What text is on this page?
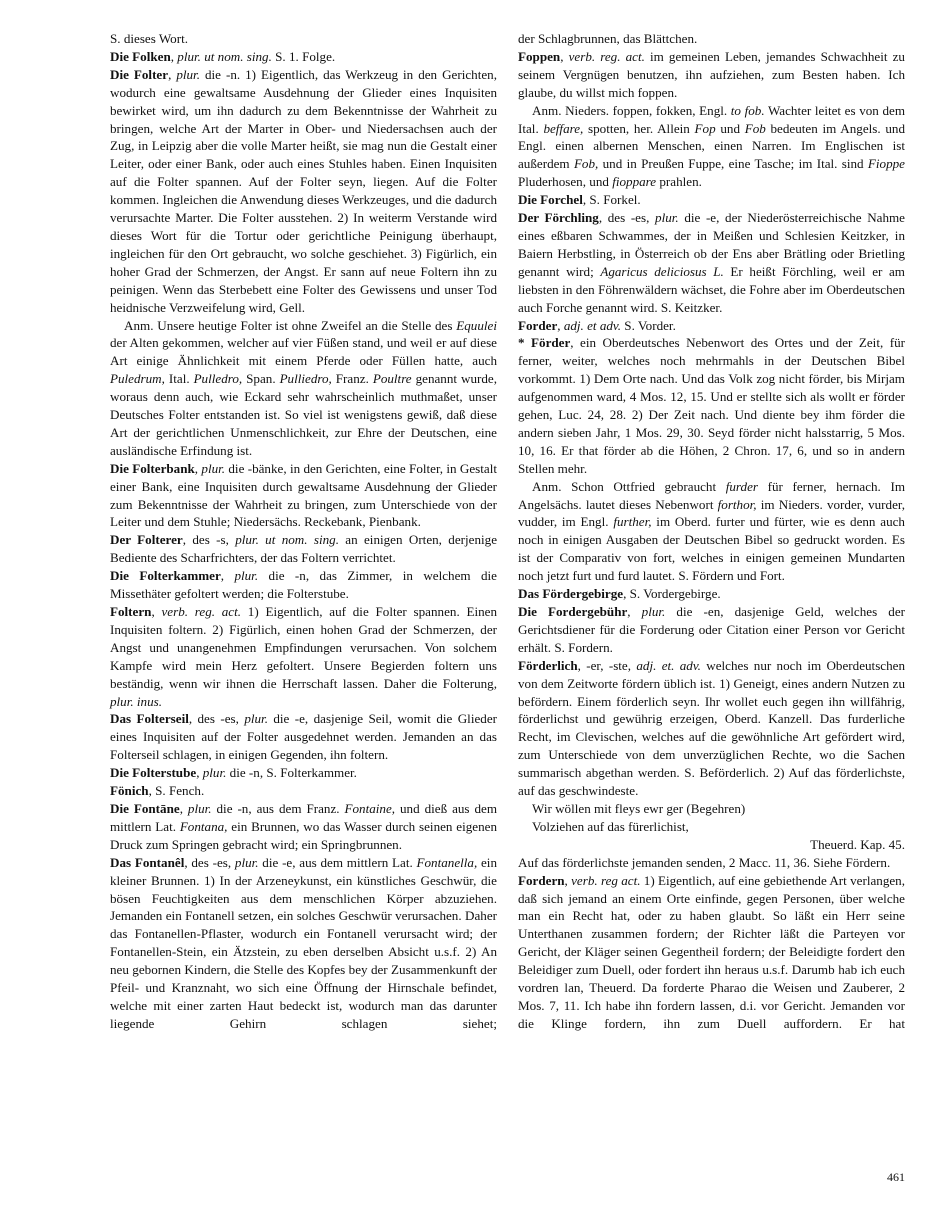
S. dieses Wort.

Die Folken, plur. ut nom. sing. S. 1. Folge.

Die Folter, plur. die -n. 1) Eigentlich, das Werkzeug in den Gerichten, wodurch eine gewaltsame Ausdehnung der Glieder eines Inquisiten bewirket wird, um ihn dadurch zu dem Bekenntnisse der Wahrheit zu bringen, welche Art der Marter in Ober- und Niedersachsen auch der Zug, in Leipzig aber die volle Marter heißt, sie mag nun die Gestalt einer Leiter, oder einer Bank, oder auch eines Stuhles haben. Einen Inquisiten auf die Folter spannen. Auf der Folter seyn, liegen. Auf die Folter kommen. Ingleichen die Anwendung dieses Werkzeuges, und die dadurch verursachte Marter. Die Folter ausstehen. 2) In weiterm Verstande wird dieses Wort für die Tortur oder gerichtliche Peinigung überhaupt, ingleichen für den Ort gebraucht, wo solche geschiehet. 3) Figürlich, ein hoher Grad der Schmerzen, der Angst. Er sann auf neue Foltern ihn zu peinigen. Wenn das Sterbebett eine Folter des Gewissens und unser Tod heidnische Verzweifelung wird, Gell.

Anm. Unsere heutige Folter ist ohne Zweifel an die Stelle des Equulei der Alten gekommen, welcher auf vier Füßen stand, und weil er auf diese Art einige Ähnlichkeit mit einem Pferde oder Füllen hatte, auch Puledrum, Ital. Pulledro, Span. Pulliedro, Franz. Poultre genannt wurde, woraus denn auch, wie Eckard sehr wahrscheinlich muthmaßet, unser Deutsches Folter entstanden ist. So viel ist wenigstens gewiß, daß diese Art der gerichtlichen Unmenschlichkeit, zur Ehre der Deutschen, eine ausländische Erfindung ist.

Die Folterbank, plur. die -bänke, in den Gerichten, eine Folter, in Gestalt einer Bank, eine Inquisiten durch gewaltsame Ausdehnung der Glieder zum Bekenntnisse der Wahrheit zu bringen, zum Unterschiede von der Leiter und dem Stuhle; Niedersächs. Reckebank, Pienbank.

Der Folterer, des -s, plur. ut nom. sing. an einigen Orten, derjenige Bediente des Scharfrichters, der das Foltern verrichtet.

Die Folterkammer, plur. die -n, das Zimmer, in welchem die Missethäter gefoltert werden; die Folterstube.

Foltern, verb. reg. act. 1) Eigentlich, auf die Folter spannen. Einen Inquisiten foltern. 2) Figürlich, einen hohen Grad der Schmerzen, der Angst und unangenehmen Empfindungen verursachen. Von solchem Kampfe wird mein Herz gefoltert. Unsere Begierden foltern uns beständig, wenn wir ihnen die Herrschaft lassen. Daher die Folterung, plur. inus.

Das Folterseil, des -es, plur. die -e, dasjenige Seil, womit die Glieder eines Inquisiten auf der Folter ausgedehnet werden. Jemanden an das Folterseil schlagen, in einigen Gegenden, ihn foltern.

Die Folterstube, plur. die -n, S. Folterkammer.

Fönich, S. Fench.

Die Fontāne, plur. die -n, aus dem Franz. Fontaine, und dieß aus dem mittlern Lat. Fontana, ein Brunnen, wo das Wasser durch seinen eigenen Druck zum Springen gebracht wird; ein Springbrunnen.

Das Fontanêl, des -es, plur. die -e, aus dem mittlern Lat. Fontanella, ein kleiner Brunnen. 1) In der Arzeneykunst, ein künstliches Geschwür, die bösen Feuchtigkeiten aus dem menschlichen Körper abzuziehen. Jemanden ein Fontanell setzen, ein solches Geschwür verursachen. Daher das Fontanellen-Pflaster, wodurch ein Fontanell verursacht wird; der Fontanellen-Stein, ein Ätzstein, zu eben derselben Absicht u.s.f. 2) An neu gebornen Kindern, die Stelle des Kopfes bey der Zusammenkunft der Pfeil- und Kranznaht, wo sich eine Öffnung der Hirnschale befindet, welche mit einer zarten Haut bedeckt ist, wodurch man das darunter liegende Gehirn schlagen siehet;

der Schlagbrunnen, das Blättchen.

Foppen, verb. reg. act. im gemeinen Leben, jemandes Schwachheit zu seinem Vergnügen benutzen, ihn aufziehen, zum Besten haben. Ich glaube, du willst mich foppen.

Anm. Nieders. foppen, fokken, Engl. to fob. Wachter leitet es von dem Ital. beffare, spotten, her. Allein Fop und Fob bedeuten im Angels. und Engl. einen albernen Menschen, einen Narren. Im Englischen ist außerdem Fob, und in Preußen Fuppe, eine Tasche; im Ital. sind Fioppe Pluderhosen, und fioppare prahlen.

Die Forchel, S. Forkel.

Der Förchling, des -es, plur. die -e, der Niederösterreichische Nahme eines eßbaren Schwammes, der in Meißen und Schlesien Keitzker, in Baiern Herbstling, in Österreich ob der Ens aber Brätling oder Brietling genannt wird; Agaricus deliciosus L. Er heißt Förchling, weil er am liebsten in den Föhrenwäldern wächset, die Fohre aber im Oberdeutschen auch Forche genannt wird. S. Keitzker.

Forder, adj. et adv. S. Vorder.

* Förder, ein Oberdeutsches Nebenwort des Ortes und der Zeit, für ferner, weiter, welches noch mehrmahls in der Deutschen Bibel vorkommt. 1) Dem Orte nach. Und das Volk zog nicht förder, bis Mirjam aufgenommen ward, 4 Mos. 12, 15. Und er stellte sich als wollt er förder gehen, Luc. 24, 28. 2) Der Zeit nach. Und diente bey ihm förder die andern sieben Jahr, 1 Mos. 29, 30. Seyd förder nicht halsstarrig, 5 Mos. 10, 16. Er that förder ab die Höhen, 2 Chron. 17, 6, und so in andern Stellen mehr.

Anm. Schon Ottfried gebraucht furder für ferner, hernach. Im Angelsächs. lautet dieses Nebenwort forthor, im Nieders. vorder, vurder, vudder, im Engl. further, im Oberd. furter und fürter, wie es denn auch noch in einigen Ausgaben der Deutschen Bibel so gedruckt worden. Es ist der Comparativ von fort, welches in einigen gemeinen Mundarten noch jetzt furt und furd lautet. S. Fördern und Fort.

Das Fördergebirge, S. Vordergebirge.

Die Fordergebühr, plur. die -en, dasjenige Geld, welches der Gerichtsdiener für die Forderung oder Citation einer Person vor Gericht erhält. S. Fordern.

Förderlich, -er, -ste, adj. et. adv. welches nur noch im Oberdeutschen von dem Zeitworte fördern üblich ist. 1) Geneigt, eines andern Nutzen zu befördern. Einem förderlich seyn. Ihr wollet euch gegen ihn willfährig, förderlichst und gewührig erzeigen, Oberd. Kanzell. Das furderliche Recht, im Clevischen, welches auf die gewöhnliche Art gefördert wird, zum Unterschiede von dem unverzüglichen Rechte, wo die Sachen summarisch abgethan werden. S. Beförderlich. 2) Auf das förderlichste, auf das geschwindeste.

Wir wöllen mit fleys ewr ger (Begehren)

Volziehen auf das fürerlichist,

Theuerd. Kap. 45.

Auf das förderlichste jemanden senden, 2 Macc. 11, 36. Siehe Fördern.

Fordern, verb. reg act. 1) Eigentlich, auf eine gebiethende Art verlangen, daß sich jemand an einem Orte einfinde, gegen Personen, über welche man ein Recht hat, oder zu haben glaubt. So läßt ein Herr seine Unterthanen zusammen fordern; der Richter läßt die Parteyen vor Gericht, der Kläger seinen Gegentheil fordern; der Beleidigte fordert den Beleidiger zum Duell, oder fordert ihn heraus u.s.f. Darumb hab ich euch vordren lan, Theuerd. Da forderte Pharao die Weisen und Zauberer, 2 Mos. 7, 11. Ich habe ihn fordern lassen, d.i. vor Gericht. Jemanden vor die Klinge fordern, ihn zum Duell auffordern. Er hat

461
